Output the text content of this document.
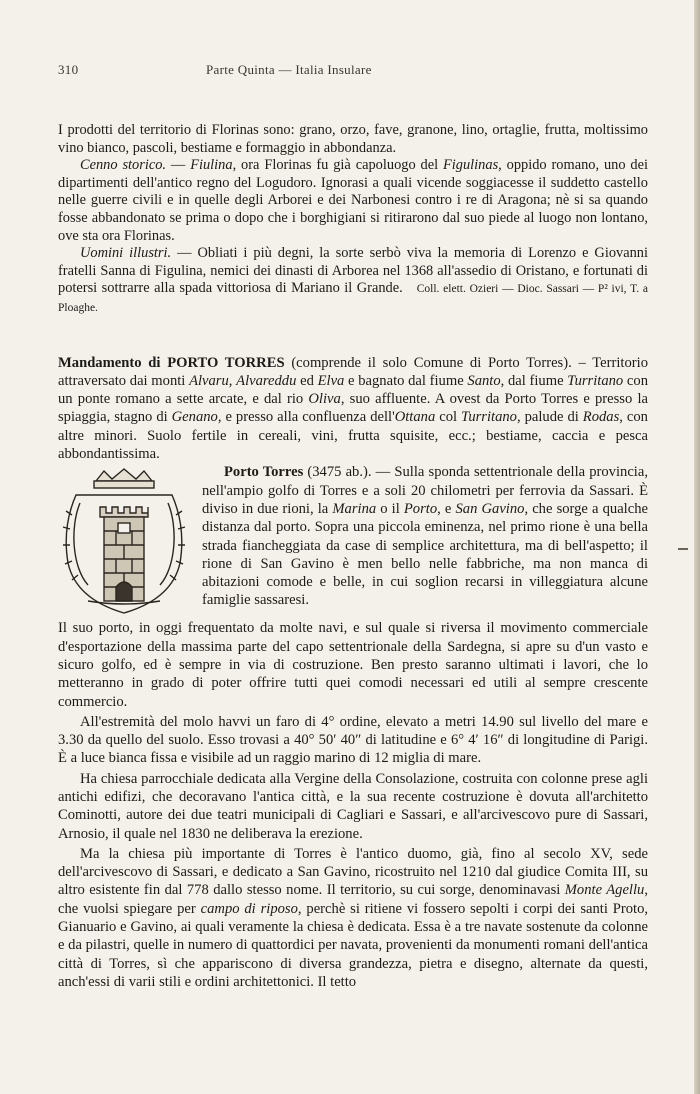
310	Parte Quinta — Italia Insulare

I prodotti del territorio di Florinas sono: grano, orzo, fave, granone, lino, ortaglie, frutta, moltissimo vino bianco, pascoli, bestiame e formaggio in abbondanza.

Cenno storico. — Fiulina, ora Florinas fu già capoluogo del Figulinas, oppido romano, uno dei dipartimenti dell'antico regno del Logudoro. Ignorasi a quali vicende soggiacesse il suddetto castello nelle guerre civili e in quelle degli Arborei e dei Narbonesi contro i re di Aragona; nè si sa quando fosse abbandonato se prima o dopo che i borghigiani si ritirarono dal suo piede al luogo non lontano, ove sta ora Florinas.

Uomini illustri. — Obliati i più degni, la sorte serbò viva la memoria di Lorenzo e Giovanni fratelli Sanna di Figulina, nemici dei dinasti di Arborea nel 1368 all'assedio di Oristano, e fortunati di potersi sottrarre alla spada vittoriosa di Mariano il Grande. Coll. elett. Ozieri — Dioc. Sassari — P² ivi, T. a Ploaghe.

Mandamento di PORTO TORRES (comprende il solo Comune di Porto Torres). – Territorio attraversato dai monti Alvaru, Alvareddu ed Elva e bagnato dal fiume Santo, dal fiume Turritano con un ponte romano a sette arcate, e dal rio Oliva, suo affluente. A ovest da Porto Torres e presso la spiaggia, stagno di Genano, e presso alla confluenza dell'Ottana col Turritano, palude di Rodas, con altre minori. Suolo fertile in cereali, vini, frutta squisite, ecc.; bestiame, caccia e pesca abbondantissima.

Porto Torres (3475 ab.). — Sulla sponda settentrionale della provincia, nell'ampio golfo di Torres e a soli 20 chilometri per ferrovia da Sassari. È diviso in due rioni, la Marina o il Porto, e San Gavino, che sorge a qualche distanza dal porto. Sopra una piccola eminenza, nel primo rione è una bella strada fiancheggiata da case di semplice architettura, ma di bell'aspetto; il rione di San Gavino è men bello nelle fabbriche, ma non manca di abitazioni comode e belle, in cui soglion recarsi in villeggiatura alcune famiglie sassaresi.

Il suo porto, in oggi frequentato da molte navi, e sul quale si riversa il movimento commerciale d'esportazione della massima parte del capo settentrionale della Sardegna, si apre su d'un vasto e sicuro golfo, ed è sempre in via di costruzione. Ben presto saranno ultimati i lavori, che lo metteranno in grado di poter offrire tutti quei comodi necessari ed utili al sempre crescente commercio.

All'estremità del molo havvi un faro di 4° ordine, elevato a metri 14.90 sul livello del mare e 3.30 da quello del suolo. Esso trovasi a 40° 50′ 40″ di latitudine e 6° 4′ 16″ di longitudine di Parigi. È a luce bianca fissa e visibile ad un raggio marino di 12 miglia di mare.

Ha chiesa parrocchiale dedicata alla Vergine della Consolazione, costruita con colonne prese agli antichi edifizi, che decoravano l'antica città, e la sua recente costruzione è dovuta all'architetto Cominotti, autore dei due teatri municipali di Cagliari e Sassari, e all'arcivescovo pure di Sassari, Arnosio, il quale nel 1830 ne deliberava la erezione.

Ma la chiesa più importante di Torres è l'antico duomo, già, fino al secolo XV, sede dell'arcivescovo di Sassari, e dedicato a San Gavino, ricostruito nel 1210 dal giudice Comita III, su altro esistente fin dal 778 dallo stesso nome. Il territorio, su cui sorge, denominavasi Monte Agellu, che vuolsi spiegare per campo di riposo, perchè si ritiene vi fossero sepolti i corpi dei santi Proto, Gianuario e Gavino, ai quali veramente la chiesa è dedicata. Essa è a tre navate sostenute da colonne e da pilastri, quelle in numero di quattordici per navata, provenienti da monumenti romani dell'antica città di Torres, sì che appariscono di diversa grandezza, pietra e disegno, alternate da questi, anch'essi di varii stili e ordini architettonici. Il tetto
